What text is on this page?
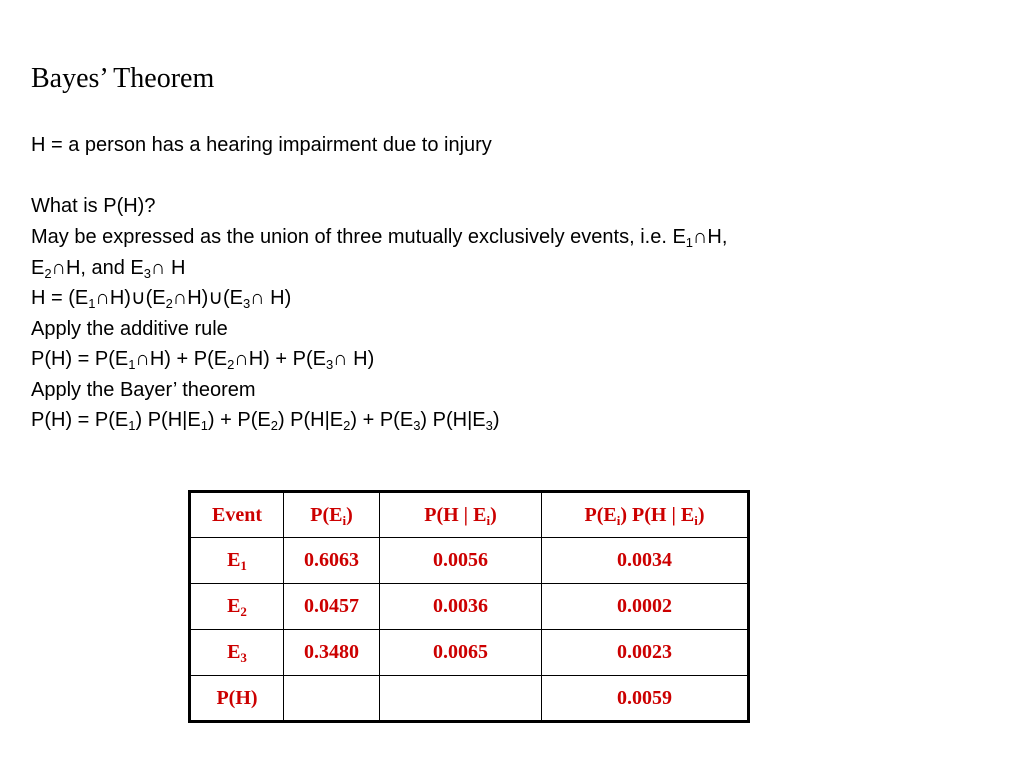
Bayes’ Theorem
H = a person has a hearing impairment due to injury
What is P(H)?
May be expressed as the union of three mutually exclusively events, i.e. $E_1\cap H$,
$E_2\cap H$, and $E_3\cap$ H
$H = (E_1\cap H)\cup(E_2\cap H)\cup(E_3\cap$ H)
Apply the additive rule
$P(H) = P(E_1\cap H)$ + $P(E_2\cap H)$ + $P(E_3\cap$ H)
Apply the Bayer’ theorem
$P(H) = P(E_1) P(H|E_1) + P(E_2) P(H|E_2) + P(E_3)$ $P(H|E_3)$
Event	$P(E_i)$	P(H | $E_i$)	$P(E_i)$ P(H | $E_i$)
$E_1$	0.6063	0.0056	0.0034
$E_2$	0.0457	0.0036	0.0002
$E_3$	0.3480	0.0065	0.0023
P(H)			0.0059
